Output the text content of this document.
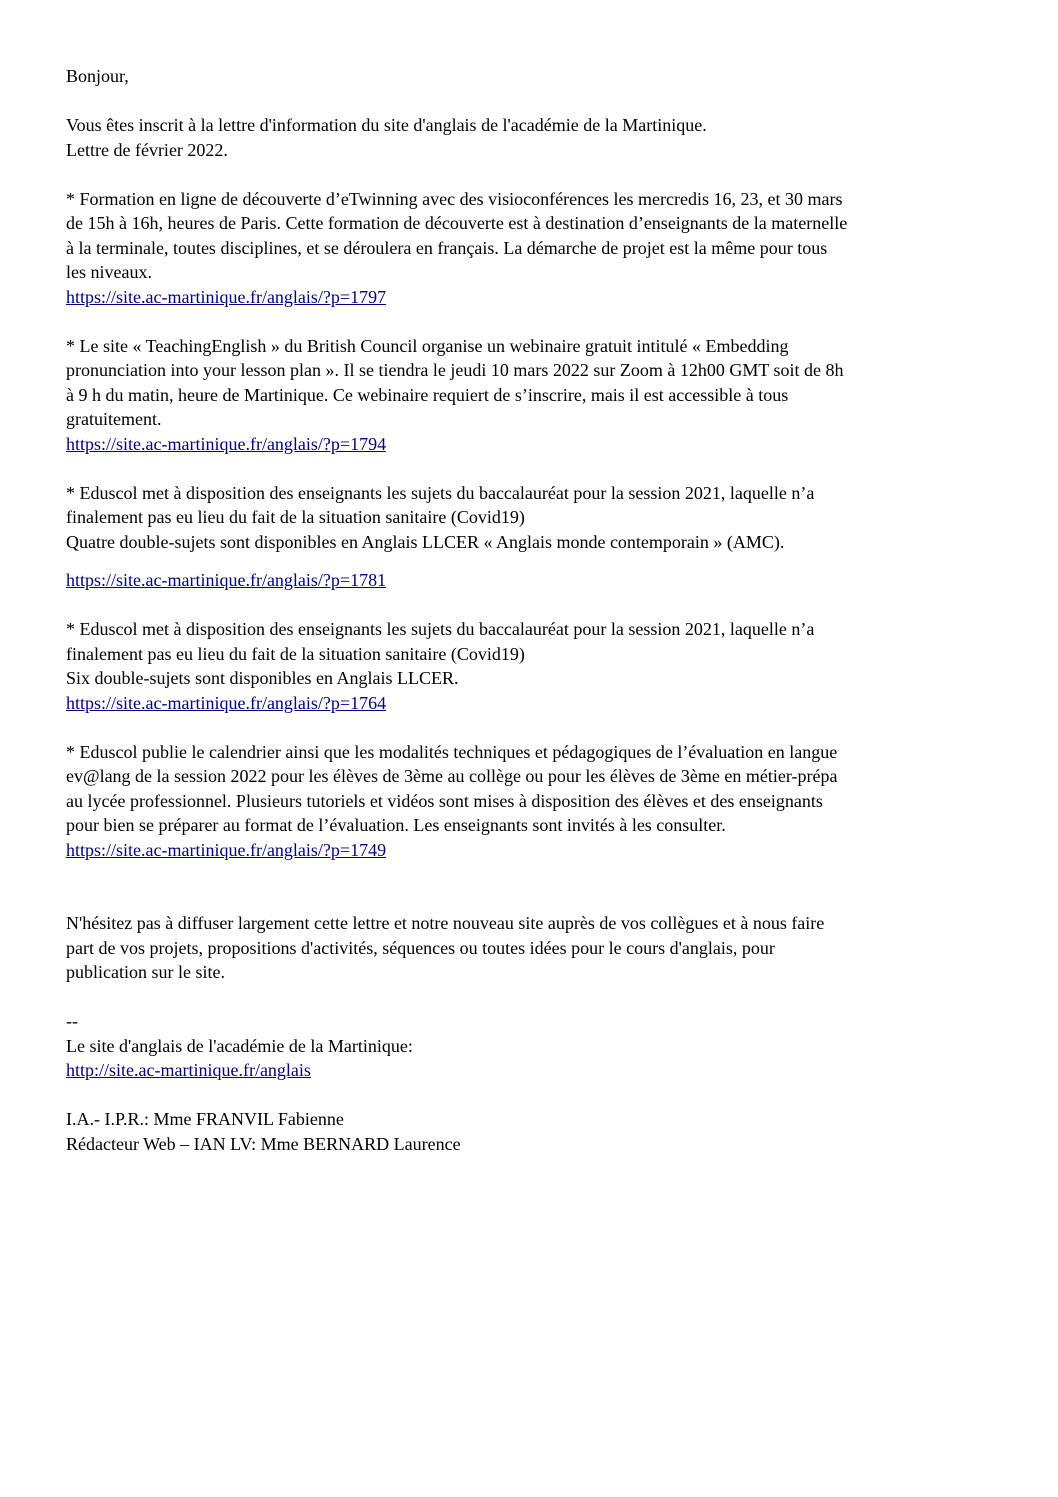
Bonjour,
Vous êtes inscrit à la lettre d'information du site d'anglais de l'académie de la Martinique.
Lettre de février 2022.
* Formation en ligne de découverte d’eTwinning avec des visioconférences les mercredis 16, 23, et 30 mars
de 15h à 16h, heures de Paris. Cette formation de découverte est à destination d’enseignants de la maternelle
à la terminale, toutes disciplines, et se déroulera en français. La démarche de projet est la même pour tous
les niveaux.
https://site.ac-martinique.fr/anglais/?p=1797
* Le site « TeachingEnglish » du British Council organise un webinaire gratuit intitulé « Embedding
pronunciation into your lesson plan ». Il se tiendra le jeudi 10 mars 2022 sur Zoom à 12h00 GMT soit de 8h
à 9 h du matin, heure de Martinique. Ce webinaire requiert de s’inscrire, mais il est accessible à tous
gratuitement.
https://site.ac-martinique.fr/anglais/?p=1794
* Eduscol met à disposition des enseignants les sujets du baccalauréat pour la session 2021, laquelle n’a
finalement pas eu lieu du fait de la situation sanitaire (Covid19)
Quatre double-sujets sont disponibles en Anglais LLCER « Anglais monde contemporain » (AMC).
https://site.ac-martinique.fr/anglais/?p=1781
* Eduscol met à disposition des enseignants les sujets du baccalauréat pour la session 2021, laquelle n’a
finalement pas eu lieu du fait de la situation sanitaire (Covid19)
Six double-sujets sont disponibles en Anglais LLCER.
https://site.ac-martinique.fr/anglais/?p=1764
* Eduscol publie le calendrier ainsi que les modalités techniques et pédagogiques de l’évaluation en langue
ev@lang de la session 2022 pour les élèves de 3ème au collège ou pour les élèves de 3ème en métier-prépa
au lycée professionnel. Plusieurs tutoriels et vidéos sont mises à disposition des élèves et des enseignants
pour bien se préparer au format de l’évaluation. Les enseignants sont invités à les consulter.
https://site.ac-martinique.fr/anglais/?p=1749
N'hésitez pas à diffuser largement cette lettre et notre nouveau site auprès de vos collègues et à nous faire
part de vos projets, propositions d'activités, séquences ou toutes idées pour le cours d'anglais, pour
publication sur le site.
--
Le site d'anglais de l'académie de la Martinique:
http://site.ac-martinique.fr/anglais
I.A.- I.P.R.: Mme FRANVIL Fabienne
Rédacteur Web – IAN LV: Mme BERNARD Laurence
